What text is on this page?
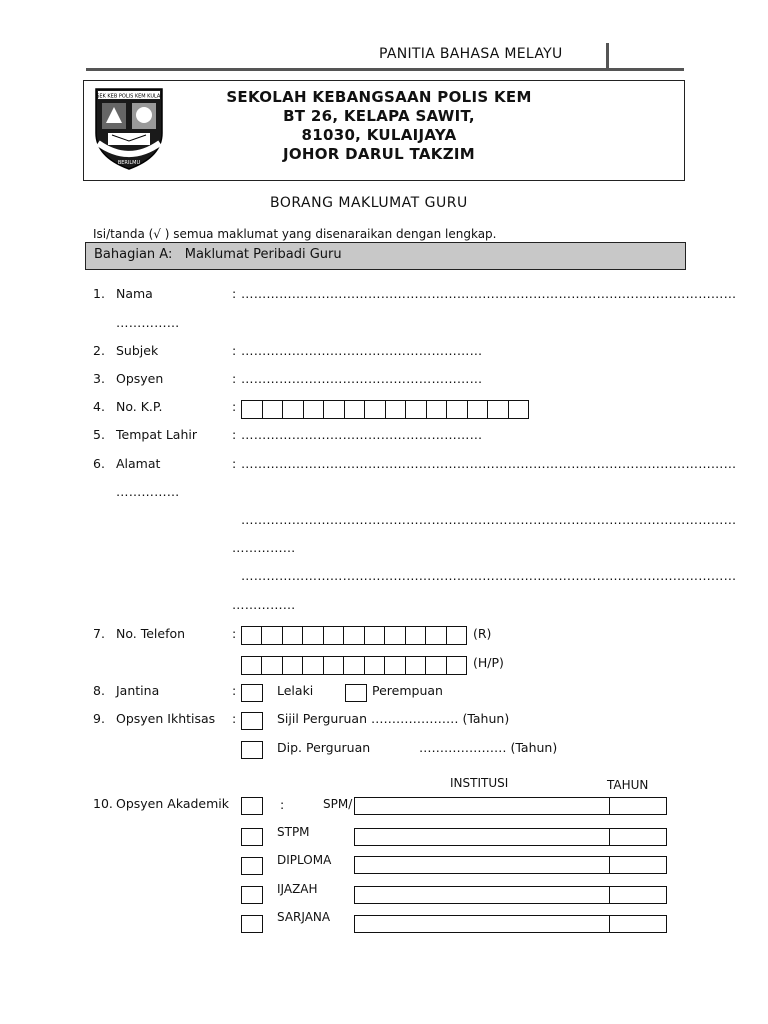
PANITIA BAHASA MELAYU
SEK KEB POLIS KEM KULAI
BERILMU
SEKOLAH KEBANGSAAN POLIS KEM
BT 26, KELAPA SAWIT,
81030, KULAIJAYA
JOHOR DARUL TAKZIM
BORANG MAKLUMAT GURU
Isi/tanda (√ ) semua maklumat yang disenaraikan dengan lengkap.
Bahagian A:   Maklumat Peribadi Guru
1. Nama	: ………………………………………………………………………………………………………
……………
2. Subjek	: …………………………………………………
3. Opsyen	: …………………………………………………
4. No. K.P.	:
5. Tempat Lahir	: …………………………………………………
6. Alamat	: ………………………………………………………………………………………………………
……………
………………………………………………………………………………………………………
……………
………………………………………………………………………………………………………
……………
7. No. Telefon	:	(R)
(H/P)
8. Jantina	:	Lelaki	Perempuan
9. Opsyen Ikhtisas :	Sijil Perguruan ………………… (Tahun)
Dip. Perguruan	………………… (Tahun)
INSTITUSI	TAHUN
10. Opsyen Akademik	:	SPM/
STPM
DIPLOMA
IJAZAH
SARJANA
